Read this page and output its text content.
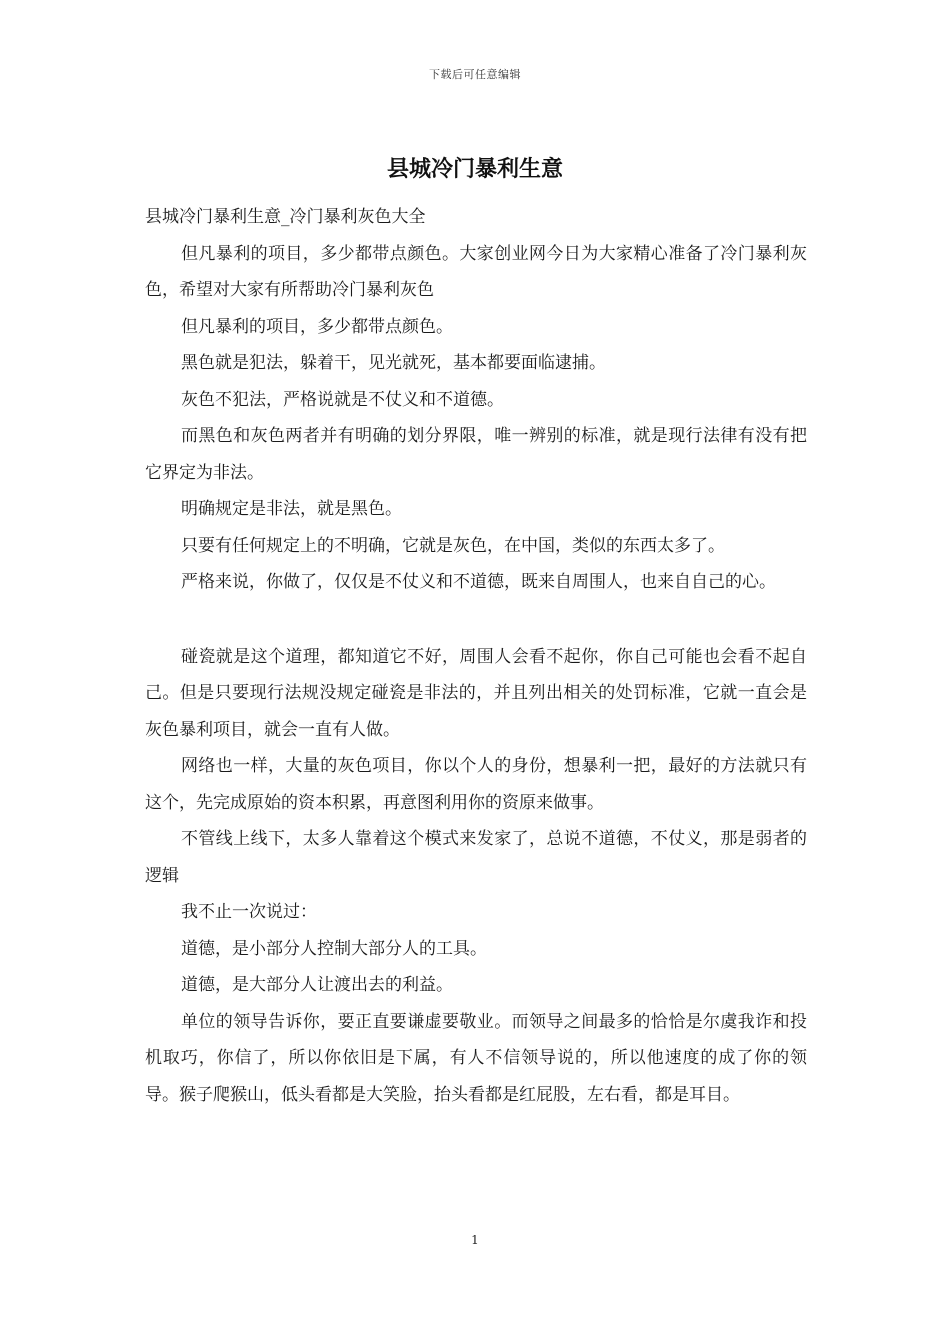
下载后可任意编辑
县城冷门暴利生意

县城冷门暴利生意_冷门暴利灰色大全

但凡暴利的项目，多少都带点颜色。大家创业网今日为大家精心准备了冷门暴利灰色，希望对大家有所帮助冷门暴利灰色

但凡暴利的项目，多少都带点颜色。

黑色就是犯法，躲着干，见光就死，基本都要面临逮捕。

灰色不犯法，严格说就是不仗义和不道德。

而黑色和灰色两者并有明确的划分界限，唯一辨别的标准，就是现行法律有没有把它界定为非法。

明确规定是非法，就是黑色。

只要有任何规定上的不明确，它就是灰色，在中国，类似的东西太多了。

严格来说，你做了，仅仅是不仗义和不道德，既来自周围人，也来自自己的心。

碰瓷就是这个道理，都知道它不好，周围人会看不起你，你自己可能也会看不起自己。但是只要现行法规没规定碰瓷是非法的，并且列出相关的处罚标准，它就一直会是灰色暴利项目，就会一直有人做。

网络也一样，大量的灰色项目，你以个人的身份，想暴利一把，最好的方法就只有这个，先完成原始的资本积累，再意图利用你的资原来做事。

不管线上线下，太多人靠着这个模式来发家了，总说不道德，不仗义，那是弱者的逻辑

我不止一次说过：

道德，是小部分人控制大部分人的工具。

道德，是大部分人让渡出去的利益。

单位的领导告诉你，要正直要谦虚要敬业。而领导之间最多的恰恰是尔虞我诈和投机取巧，你信了，所以你依旧是下属，有人不信领导说的，所以他速度的成了你的领导。猴子爬猴山，低头看都是大笑脸，抬头看都是红屁股，左右看，都是耳目。

1
